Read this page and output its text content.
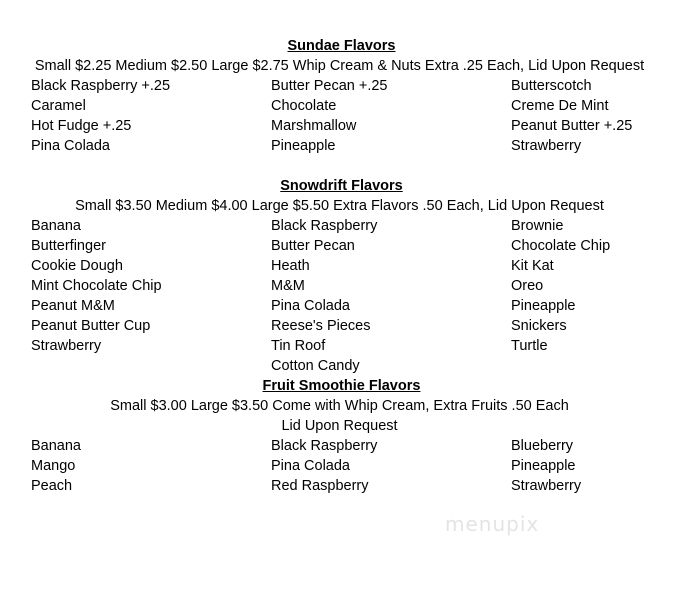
Sundae Flavors
Small $2.25 Medium $2.50 Large $2.75 Whip Cream & Nuts Extra .25 Each, Lid Upon Request
Black Raspberry +.25	Butter Pecan +.25	Butterscotch
Caramel	Chocolate	Creme De Mint
Hot Fudge +.25	Marshmallow	Peanut Butter +.25
Pina Colada	Pineapple	Strawberry
Snowdrift Flavors
Small $3.50 Medium $4.00 Large $5.50 Extra Flavors .50 Each, Lid Upon Request
Banana	Black Raspberry	Brownie
Butterfinger	Butter Pecan	Chocolate Chip
Cookie Dough	Heath	Kit Kat
Mint Chocolate Chip	M&M	Oreo
Peanut M&M	Pina Colada	Pineapple
Peanut Butter Cup	Reese's Pieces	Snickers
Strawberry	Tin Roof	Turtle
Cotton Candy
Fruit Smoothie Flavors
Small $3.00 Large $3.50 Come with Whip Cream, Extra Fruits .50 Each
Lid Upon Request
Banana	Black Raspberry	Blueberry
Mango	Pina Colada	Pineapple
Peach	Red Raspberry	Strawberry
menupix
